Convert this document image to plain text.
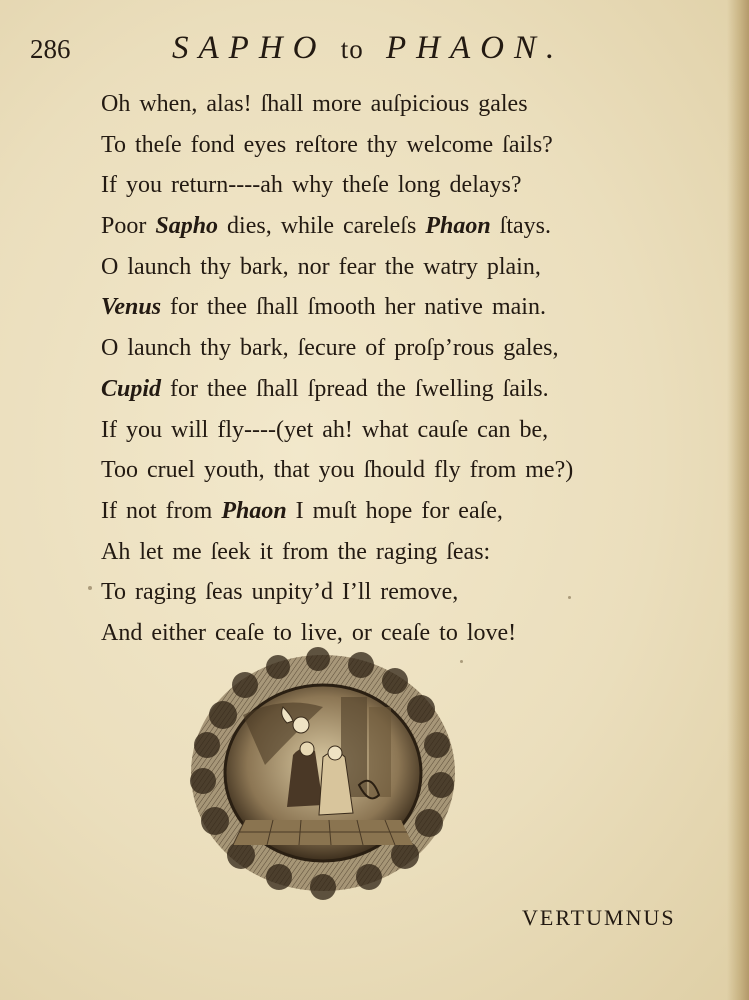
286	SAPHO to PHAON.
Oh when, alas! ſhall more auſpicious gales
To theſe fond eyes reſtore thy welcome ſails?
If you return----ah why theſe long delays?
Poor Sapho dies, while careleſs Phaon ſtays.
O launch thy bark, nor fear the watry plain,
Venus for thee ſhall ſmooth her native main.
O launch thy bark, ſecure of proſp’rous gales,
Cupid for thee ſhall ſpread the ſwelling ſails.
If you will fly----(yet ah! what cauſe can be,
Too cruel youth, that you ſhould fly from me?)
If not from Phaon I muſt hope for eaſe,
Ah let me ſeek it from the raging ſeas:
To raging ſeas unpity’d I’ll remove,
And either ceaſe to live, or ceaſe to love!
VERTUMNUS
